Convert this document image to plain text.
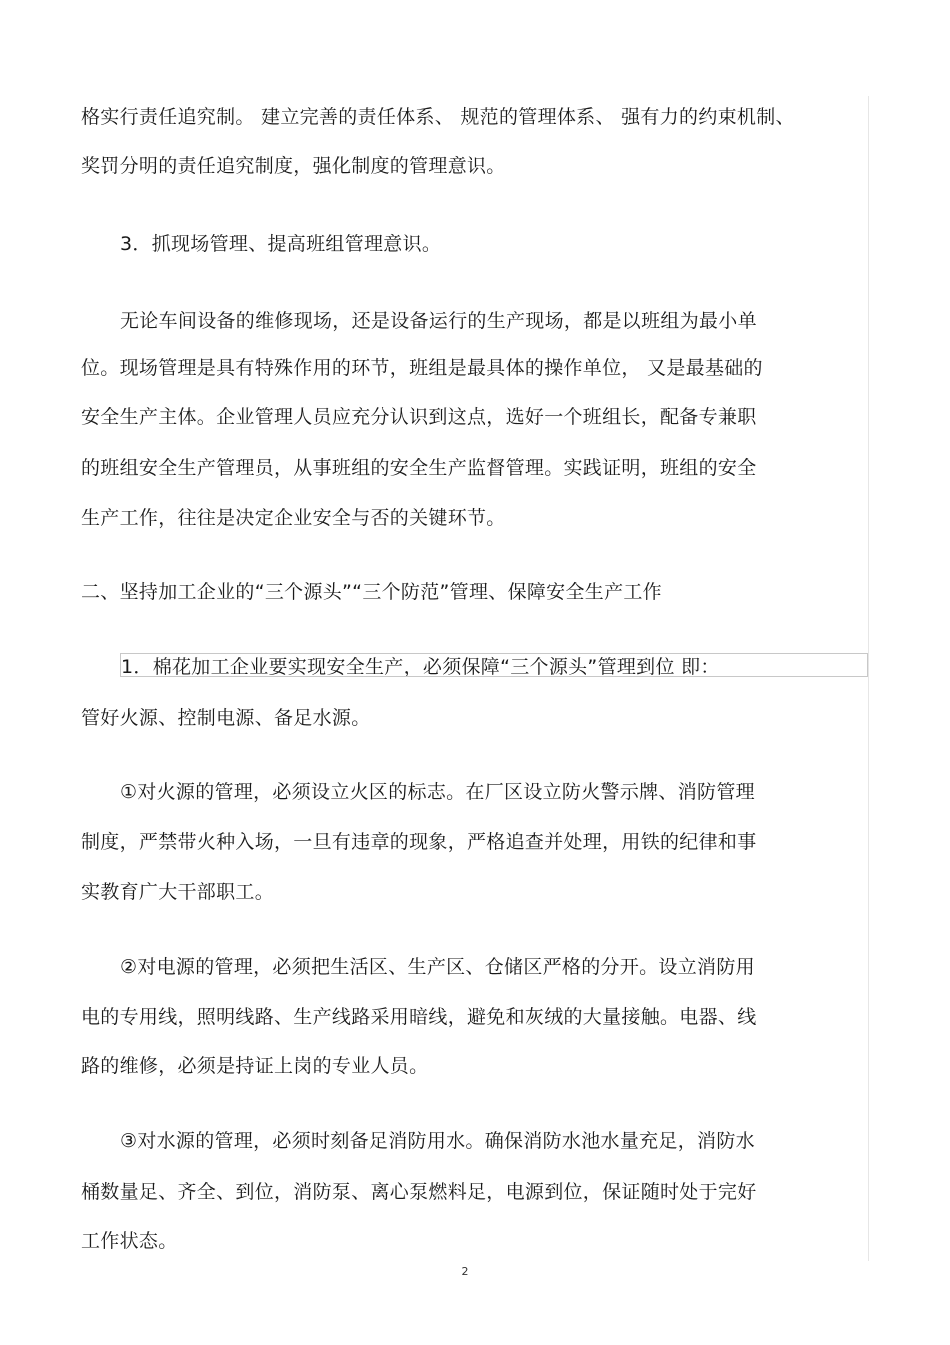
格实行责任追究制。 建立完善的责任体系、 规范的管理体系、 强有力的约束机制、
奖罚分明的责任追究制度，强化制度的管理意识。
3．抓现场管理、提高班组管理意识。
无论车间设备的维修现场，还是设备运行的生产现场，都是以班组为最小单
位。现场管理是具有特殊作用的环节，班组是最具体的操作单位， 又是最基础的
安全生产主体。企业管理人员应充分认识到这点，选好一个班组长，配备专兼职
的班组安全生产管理员，从事班组的安全生产监督管理。实践证明，班组的安全
生产工作，往往是决定企业安全与否的关键环节。
二、坚持加工企业的“三个源头”“三个防范”管理、保障安全生产工作
1．棉花加工企业要实现安全生产，必须保障“三个源头”管理到位 即：
管好火源、控制电源、备足水源。
①对火源的管理，必须设立火区的标志。在厂区设立防火警示牌、消防管理
制度，严禁带火种入场，一旦有违章的现象，严格追查并处理，用铁的纪律和事
实教育广大干部职工。
②对电源的管理，必须把生活区、生产区、仓储区严格的分开。设立消防用
电的专用线，照明线路、生产线路采用暗线，避免和灰绒的大量接触。电器、线
路的维修，必须是持证上岗的专业人员。
③对水源的管理，必须时刻备足消防用水。确保消防水池水量充足，消防水
桶数量足、齐全、到位，消防泵、离心泵燃料足，电源到位，保证随时处于完好
工作状态。
2
